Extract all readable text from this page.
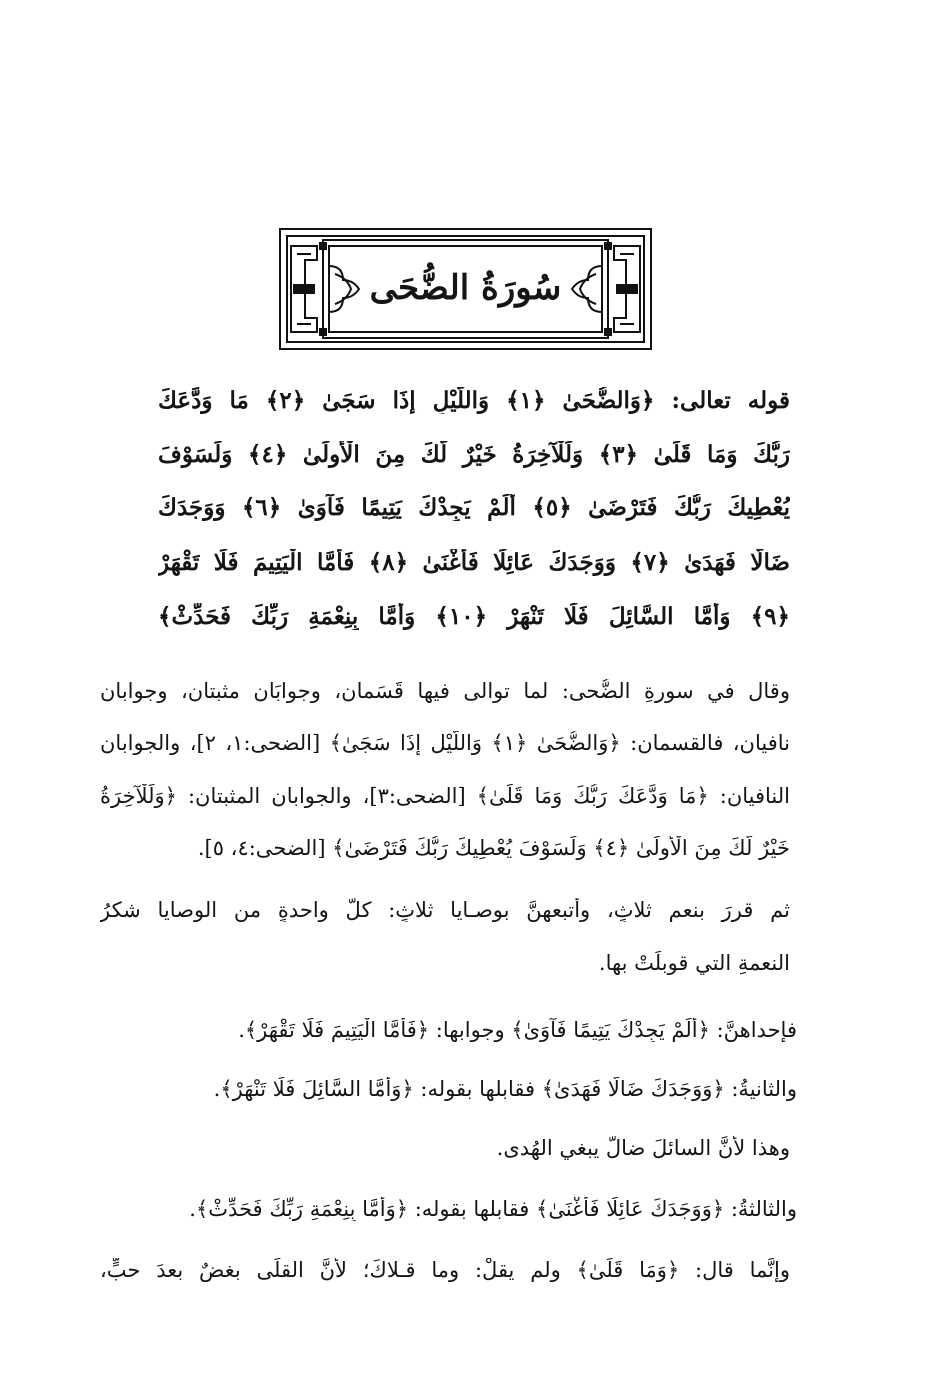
سُورَةُ الضُّحَى
قوله تعالى: ﴿وَالضُّحَىٰ ﴿١﴾ وَاللَّيْلِ إِذَا سَجَىٰ ﴿٢﴾ مَا وَدَّعَكَ
رَبُّكَ وَمَا قَلَىٰ ﴿٣﴾ وَلَلْآخِرَةُ خَيْرٌ لَّكَ مِنَ الْأُولَىٰ ﴿٤﴾ وَلَسَوْفَ
يُعْطِيكَ رَبُّكَ فَتَرْضَىٰ ﴿٥﴾ أَلَمْ يَجِدْكَ يَتِيمًا فَآوَىٰ ﴿٦﴾ وَوَجَدَكَ
ضَالًّا فَهَدَىٰ ﴿٧﴾ وَوَجَدَكَ عَائِلًا فَأَغْنَىٰ ﴿٨﴾ فَأَمَّا الْيَتِيمَ فَلَا تَقْهَرْ
﴿٩﴾ وَأَمَّا السَّائِلَ فَلَا تَنْهَرْ ﴿١٠﴾ وَأَمَّا بِنِعْمَةِ رَبِّكَ فَحَدِّثْ﴾
وقال في سورةِ الضُّحى: لما توالى فيها قَسَمانِ، وجوابَانِ مثبتانِ، وجوابانِ
نافيانِ، فالقسمانِ: ﴿وَالضُّحَىٰ ﴿١﴾ وَاللَّيْلِ إِذَا سَجَىٰ﴾ [الضحى:١، ٢]، والجوابانِ
النافيانِ: ﴿مَا وَدَّعَكَ رَبُّكَ وَمَا قَلَىٰ﴾ [الضحى:٣]، والجوابانِ المثبتانِ: ﴿وَلَلْآخِرَةُ
خَيْرٌ لَّكَ مِنَ الْأُولَىٰ ﴿٤﴾ وَلَسَوْفَ يُعْطِيكَ رَبُّكَ فَتَرْضَىٰ﴾ [الضحى:٤، ٥].
ثم قررَ بنعمٍ ثلاثٍ، وأتبعهنَّ بوصـايا ثلاثٍ: كلٌّ واحدةٍ من الوصايا شكرُ
النعمةِ التي قوبلَتْ بها.
فإحداهنَّ: ﴿أَلَمْ يَجِدْكَ يَتِيمًا فَآوَىٰ﴾ وجوابها: ﴿فَأَمَّا الْيَتِيمَ فَلَا تَقْهَرْ﴾.
والثانيةُ: ﴿وَوَجَدَكَ ضَالًّا فَهَدَىٰ﴾ فقابلها بقوله: ﴿وَأَمَّا السَّائِلَ فَلَا تَنْهَرْ﴾.
وهذا لأنَّ السائلَ ضالٌّ يبغي الهُدى.
والثالثةُ: ﴿وَوَجَدَكَ عَائِلًا فَأَغْنَىٰ﴾ فقابلها بقوله: ﴿وَأَمَّا بِنِعْمَةِ رَبِّكَ فَحَدِّثْ﴾.
وإنَّما قال: ﴿وَمَا قَلَىٰ﴾ ولم يقلْ: وما قـلاكَ؛ لأنَّ القلَى بغضٌ بعدَ حبٍّ،
